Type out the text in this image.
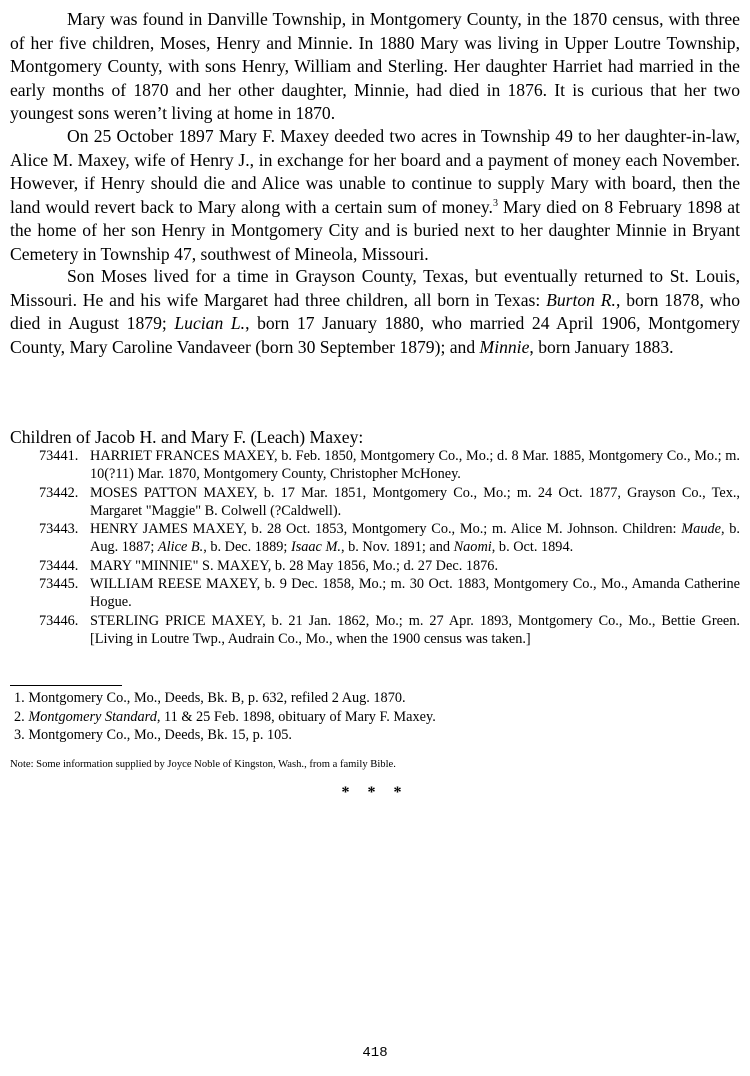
Mary was found in Danville Township, in Montgomery County, in the 1870 census, with three of her five children, Moses, Henry and Minnie. In 1880 Mary was living in Upper Loutre Township, Montgomery County, with sons Henry, William and Sterling. Her daughter Harriet had married in the early months of 1870 and her other daughter, Minnie, had died in 1876. It is curious that her two youngest sons weren’t living at home in 1870.

On 25 October 1897 Mary F. Maxey deeded two acres in Township 49 to her daughter-in-law, Alice M. Maxey, wife of Henry J., in exchange for her board and a payment of money each November. However, if Henry should die and Alice was unable to continue to supply Mary with board, then the land would revert back to Mary along with a certain sum of money.$^3$ Mary died on 8 February 1898 at the home of her son Henry in Montgomery City and is buried next to her daughter Minnie in Bryant Cemetery in Township 47, southwest of Mineola, Missouri.

Son Moses lived for a time in Grayson County, Texas, but eventually returned to St. Louis, Missouri. He and his wife Margaret had three children, all born in Texas: Burton R., born 1878, who died in August 1879; Lucian L., born 17 January 1880, who married 24 April 1906, Montgomery County, Mary Caroline Vandaveer (born 30 September 1879); and Minnie, born January 1883.

Children of Jacob H. and Mary F. (Leach) Maxey:

73441. HARRIET FRANCES MAXEY, b. Feb. 1850, Montgomery Co., Mo.; d. 8 Mar. 1885, Montgomery Co., Mo.; m. 10(?11) Mar. 1870, Montgomery County, Christopher McHoney.
73442. MOSES PATTON MAXEY, b. 17 Mar. 1851, Montgomery Co., Mo.; m. 24 Oct. 1877, Grayson Co., Tex., Margaret "Maggie" B. Colwell (?Caldwell).
73443. HENRY JAMES MAXEY, b. 28 Oct. 1853, Montgomery Co., Mo.; m. Alice M. Johnson. Children: Maude, b. Aug. 1887; Alice B., b. Dec. 1889; Isaac M., b. Nov. 1891; and Naomi, b. Oct. 1894.
73444. MARY "MINNIE" S. MAXEY, b. 28 May 1856, Mo.; d. 27 Dec. 1876.
73445. WILLIAM REESE MAXEY, b. 9 Dec. 1858, Mo.; m. 30 Oct. 1883, Montgomery Co., Mo., Amanda Catherine Hogue.
73446. STERLING PRICE MAXEY, b. 21 Jan. 1862, Mo.; m. 27 Apr. 1893, Montgomery Co., Mo., Bettie Green. [Living in Loutre Twp., Audrain Co., Mo., when the 1900 census was taken.]
1. Montgomery Co., Mo., Deeds, Bk. B, p. 632, refiled 2 Aug. 1870.
2. Montgomery Standard, 11 & 25 Feb. 1898, obituary of Mary F. Maxey.
3. Montgomery Co., Mo., Deeds, Bk. 15, p. 105.

Note: Some information supplied by Joyce Noble of Kingston, Wash., from a family Bible.

* * *

418
